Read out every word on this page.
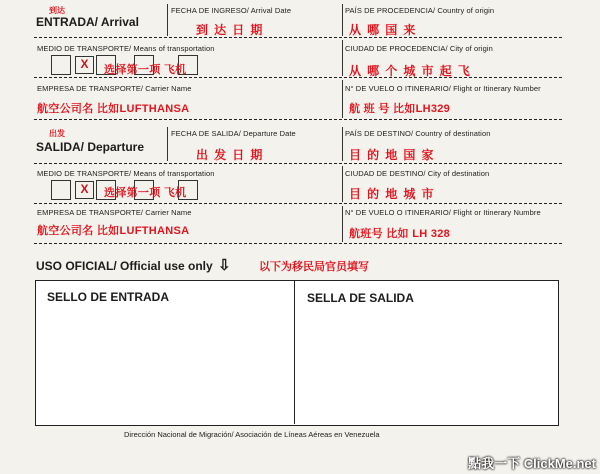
到达
ENTRADA/ Arrival
FECHA DE INGRESO/ Arrival Date
到 达 日 期
PAÍS DE PROCEDENCIA/ Country of origin
从 哪 国 来
MEDIO DE TRANSPORTE/ Means of transportation
X	选择第一项 飞机
CIUDAD DE PROCEDENCIA/ City of origin
从 哪 个 城 市 起 飞
EMPRESA DE TRANSPORTE/ Carrier Name
航空公司名 比如LUFTHANSA
N° DE VUELO O ITINERARIO/ Flight or Itinerary Number
航 班 号 比如LH329
出发
SALIDA/ Departure
FECHA DE SALIDA/ Departure Date
出 发 日 期
PAÍS DE DESTINO/ Country of destination
目 的 地 国 家
MEDIO DE TRANSPORTE/ Means of transportation
X	选择第一项 飞机
CIUDAD DE DESTINO/ City of destination
目 的 地 城 市
EMPRESA DE TRANSPORTE/ Carrier Name
航空公司名 比如LUFTHANSA
N° DE VUELO O ITINERARIO/ Flight or Itinerary Numbre
航班号 比如 LH 328
USO OFICIAL/ Official use only ⇩	以下为移民局官员填写
SELLO DE ENTRADA	SELLA DE SALIDA
Dirección Nacional de Migración/ Asociación de Líneas Aéreas en Venezuela
點我一下 ClickMe.net
